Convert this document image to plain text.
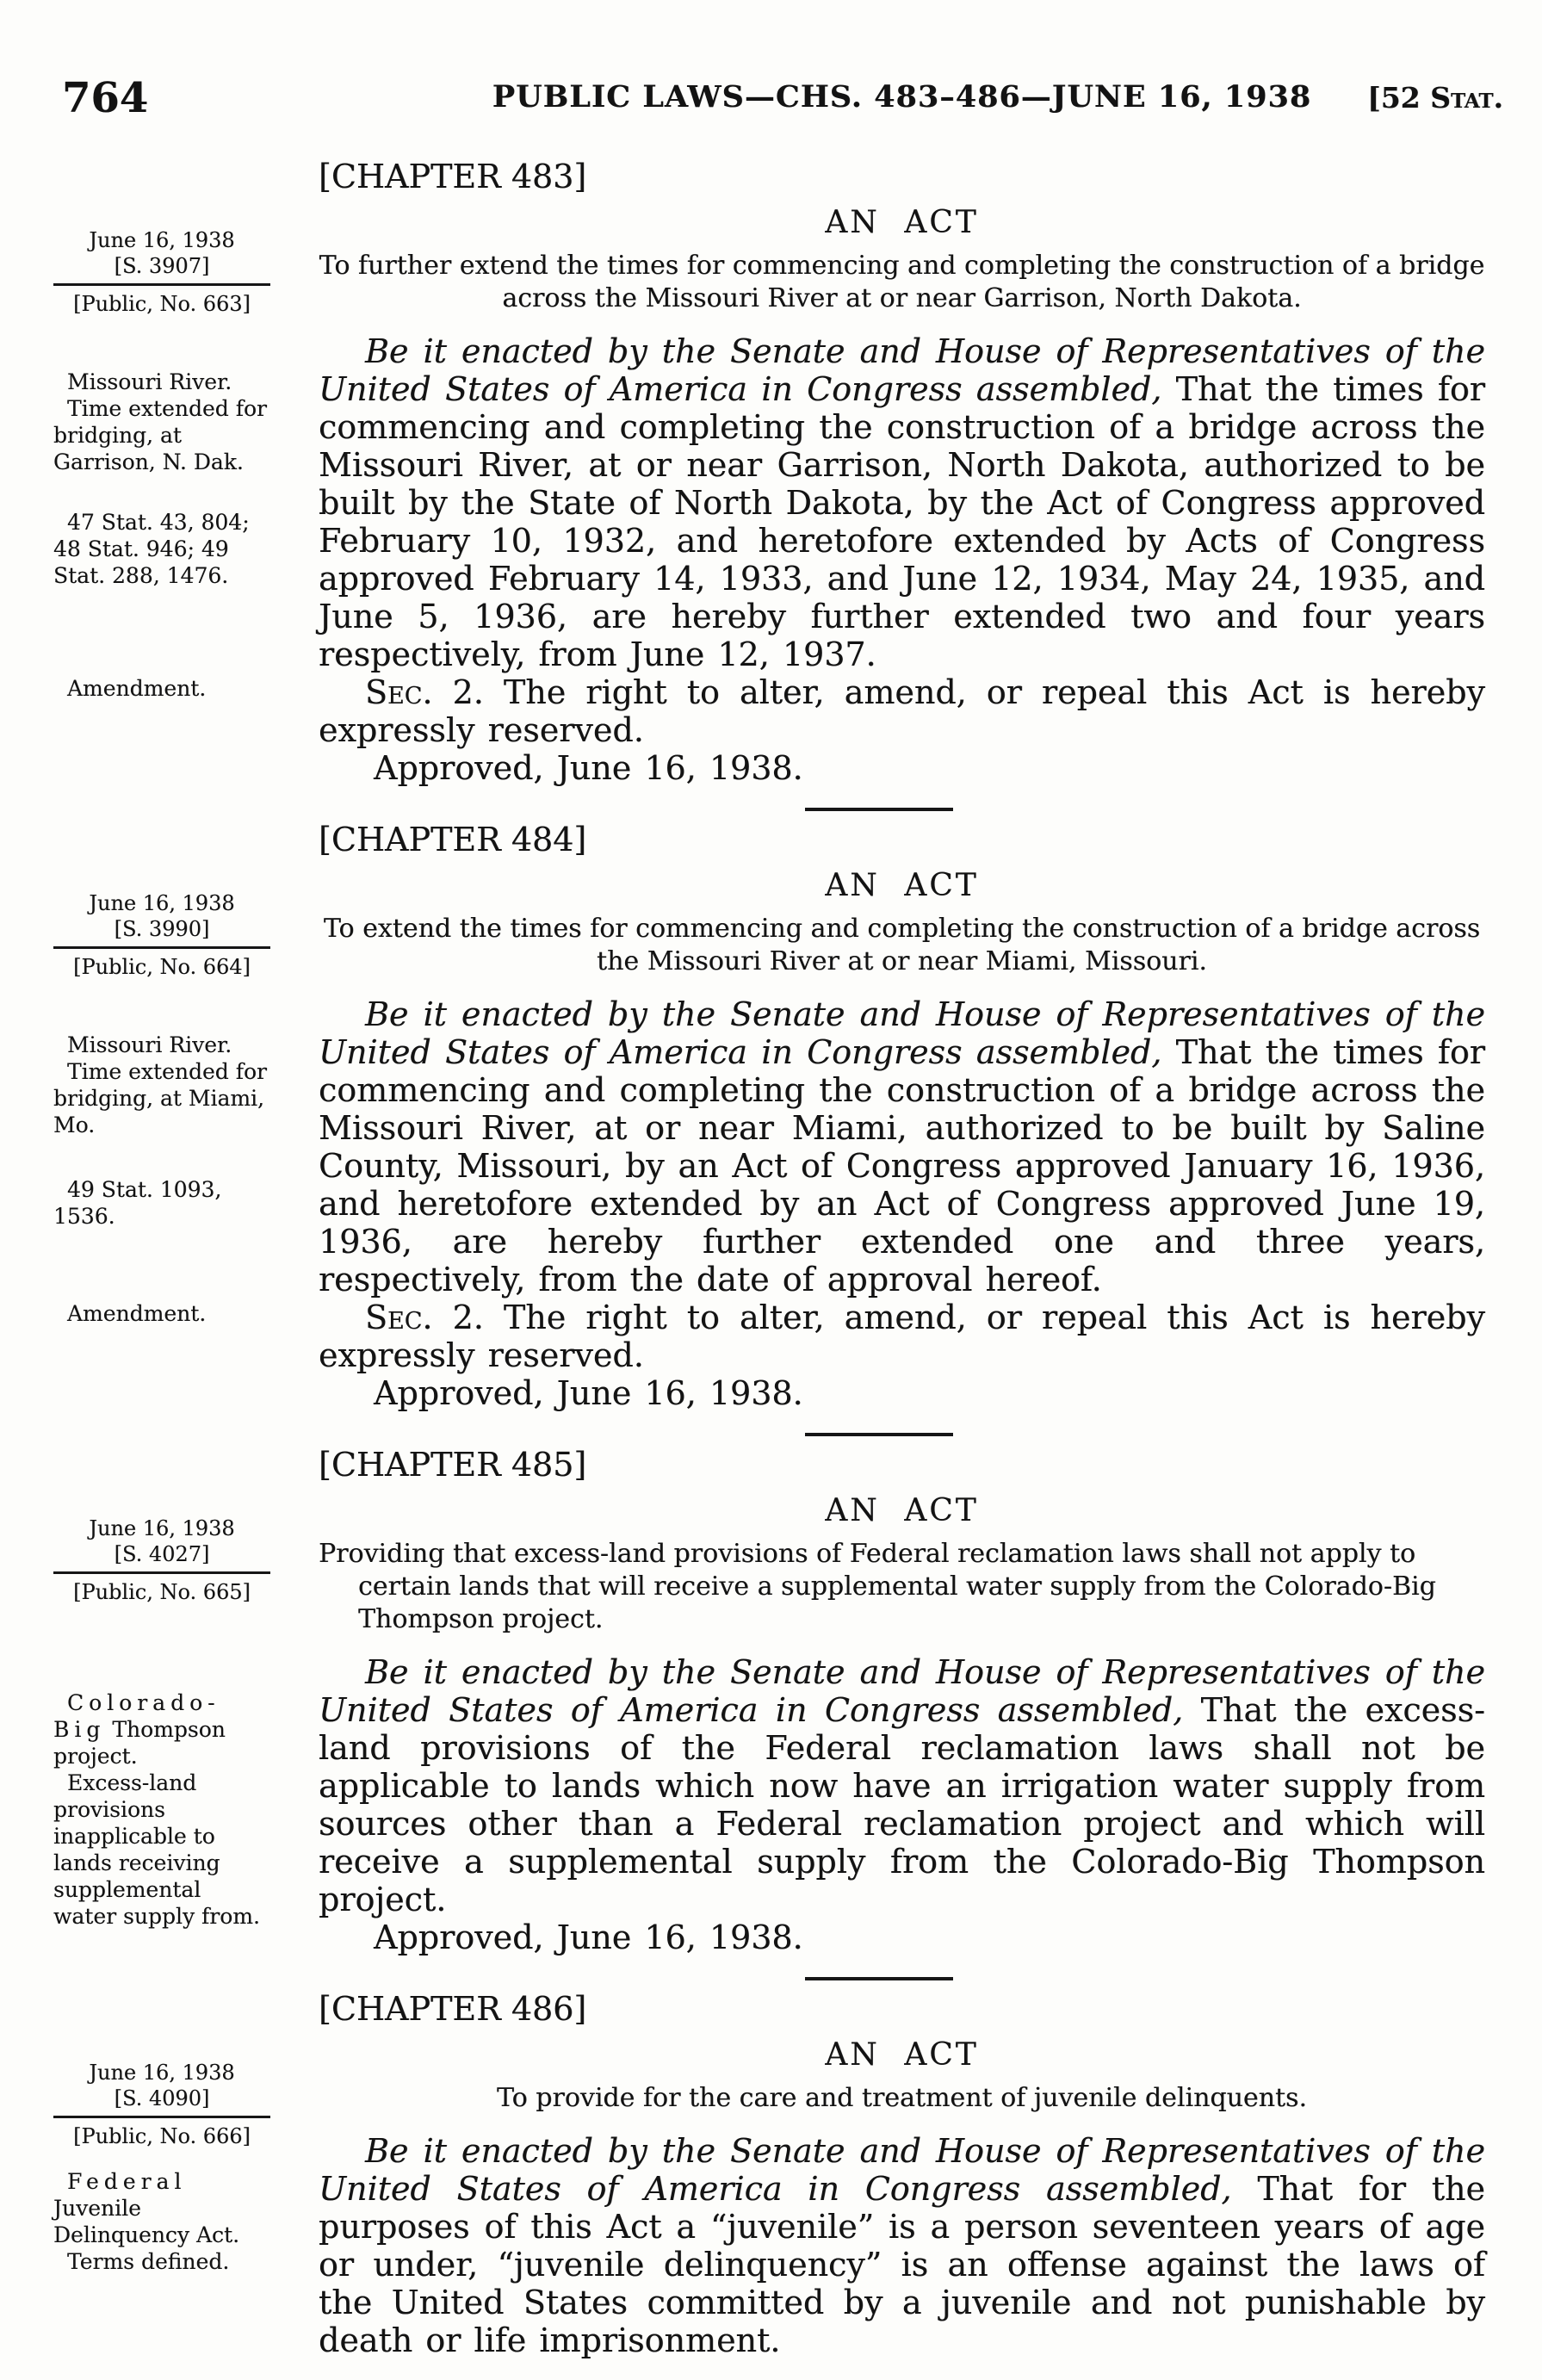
764	PUBLIC LAWS—CHS. 483–486—JUNE 16, 1938	[52 Stat.
[CHAPTER 483]
AN ACT
June 16, 1938
[S. 3907]
[Public, No. 663]

To further extend the times for commencing and completing the construction of a bridge across the Missouri River at or near Garrison, North Dakota.

Missouri River.

Time extended for bridging, at Garrison, N. Dak.

47 Stat. 43, 804; 48 Stat. 946; 49 Stat. 288, 1476.

Be it enacted by the Senate and House of Representatives of the United States of America in Congress assembled, That the times for commencing and completing the construction of a bridge across the Missouri River, at or near Garrison, North Dakota, authorized to be built by the State of North Dakota, by the Act of Congress approved February 10, 1932, and heretofore extended by Acts of Congress approved February 14, 1933, and June 12, 1934, May 24, 1935, and June 5, 1936, are hereby further extended two and four years respectively, from June 12, 1937.

Amendment.	Sec. 2. The right to alter, amend, or repeal this Act is hereby expressly reserved.

Approved, June 16, 1938.

[CHAPTER 484]
AN ACT
June 16, 1938
[S. 3990]
[Public, No. 664]

To extend the times for commencing and completing the construction of a bridge across the Missouri River at or near Miami, Missouri.

Missouri River.

Time extended for bridging, at Miami, Mo.

49 Stat. 1093, 1536.

Be it enacted by the Senate and House of Representatives of the United States of America in Congress assembled, That the times for commencing and completing the construction of a bridge across the Missouri River, at or near Miami, authorized to be built by Saline County, Missouri, by an Act of Congress approved January 16, 1936, and heretofore extended by an Act of Congress approved June 19, 1936, are hereby further extended one and three years, respectively, from the date of approval hereof.

Amendment.	Sec. 2. The right to alter, amend, or repeal this Act is hereby expressly reserved.

Approved, June 16, 1938.

[CHAPTER 485]
AN ACT
June 16, 1938
[S. 4027]
[Public, No. 665]

Providing that excess-land provisions of Federal reclamation laws shall not apply to certain lands that will receive a supplemental water supply from the Colorado-Big Thompson project.

Colorado-Big Thompson project.

Excess-land provisions inapplicable to lands receiving supplemental water supply from.

Be it enacted by the Senate and House of Representatives of the United States of America in Congress assembled, That the excess-land provisions of the Federal reclamation laws shall not be applicable to lands which now have an irrigation water supply from sources other than a Federal reclamation project and which will receive a supplemental supply from the Colorado-Big Thompson project.

Approved, June 16, 1938.

[CHAPTER 486]
AN ACT
June 16, 1938
[S. 4090]
[Public, No. 666]

To provide for the care and treatment of juvenile delinquents.

Federal Juvenile Delinquency Act.

Terms defined.

Be it enacted by the Senate and House of Representatives of the United States of America in Congress assembled, That for the purposes of this Act a “juvenile” is a person seventeen years of age or under, “juvenile delinquency” is an offense against the laws of the United States committed by a juvenile and not punishable by death or life imprisonment.
